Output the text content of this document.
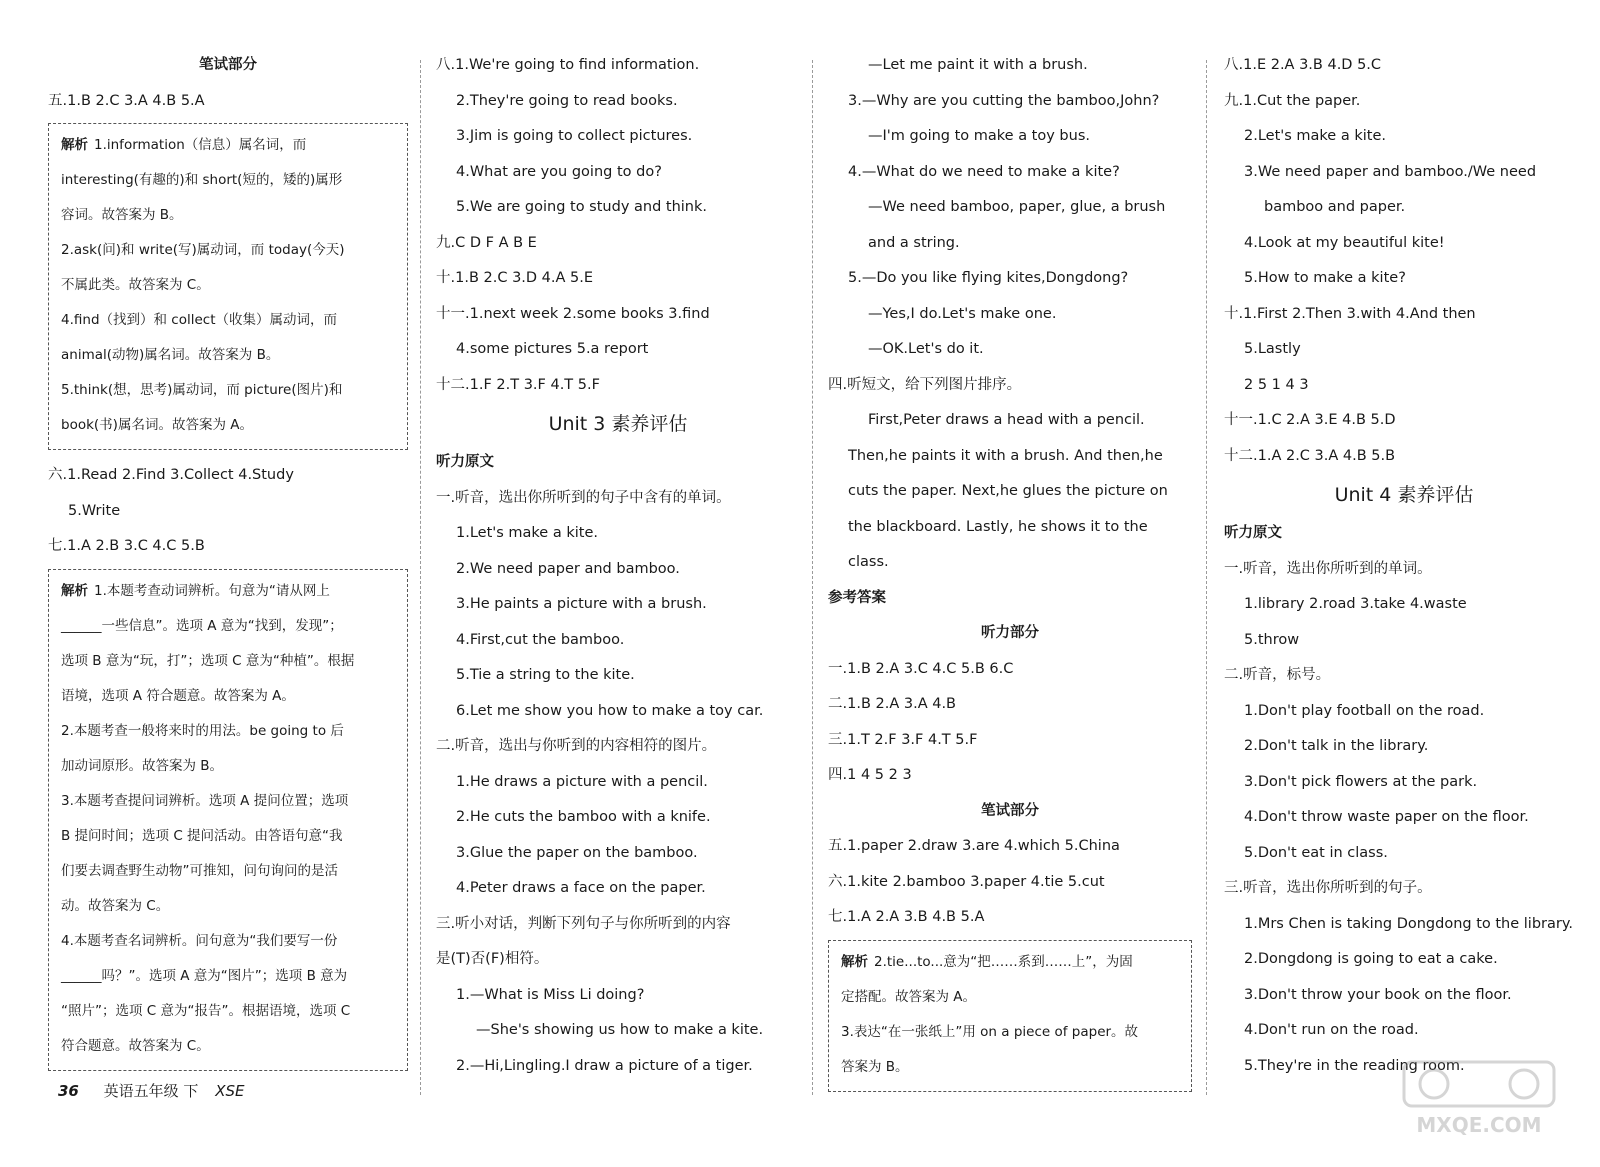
笔试部分
五.1.B 2.C 3.A 4.B 5.A
解析 1.information（信息）属名词，而
interesting(有趣的)和 short(短的，矮的)属形
容词。故答案为 B。
2.ask(问)和 write(写)属动词，而 today(今天)
不属此类。故答案为 C。
4.find（找到）和 collect（收集）属动词，而
animal(动物)属名词。故答案为 B。
5.think(想，思考)属动词，而 picture(图片)和
book(书)属名词。故答案为 A。
六.1.Read 2.Find 3.Collect 4.Study
5.Write
七.1.A 2.B 3.C 4.C 5.B
解析 1.本题考查动词辨析。句意为“请从网上
______一些信息”。选项 A 意为“找到，发现”；
选项 B 意为“玩，打”；选项 C 意为“种植”。根据
语境，选项 A 符合题意。故答案为 A。
2.本题考查一般将来时的用法。be going to 后
加动词原形。故答案为 B。
3.本题考查提问词辨析。选项 A 提问位置；选项
B 提问时间；选项 C 提问活动。由答语句意“我
们要去调查野生动物”可推知，问句询问的是活
动。故答案为 C。
4.本题考查名词辨析。问句意为“我们要写一份
______吗？”。选项 A 意为“图片”；选项 B 意为
“照片”；选项 C 意为“报告”。根据语境，选项 C
符合题意。故答案为 C。
八.1.We're going to find information.
2.They're going to read books.
3.Jim is going to collect pictures.
4.What are you going to do?
5.We are going to study and think.
九.C D F A B E
十.1.B 2.C 3.D 4.A 5.E
十一.1.next week 2.some books 3.find
4.some pictures 5.a report
十二.1.F 2.T 3.F 4.T 5.F
Unit 3 素养评估
听力原文
一.听音，选出你所听到的句子中含有的单词。
1.Let's make a kite.
2.We need paper and bamboo.
3.He paints a picture with a brush.
4.First,cut the bamboo.
5.Tie a string to the kite.
6.Let me show you how to make a toy car.
二.听音，选出与你听到的内容相符的图片。
1.He draws a picture with a pencil.
2.He cuts the bamboo with a knife.
3.Glue the paper on the bamboo.
4.Peter draws a face on the paper.
三.听小对话，判断下列句子与你所听到的内容
是(T)否(F)相符。
1.—What is Miss Li doing?
—She's showing us how to make a kite.
2.—Hi,Lingling.I draw a picture of a tiger.
—Let me paint it with a brush.
3.—Why are you cutting the bamboo,John?
—I'm going to make a toy bus.
4.—What do we need to make a kite?
—We need bamboo, paper, glue, a brush
and a string.
5.—Do you like flying kites,Dongdong?
—Yes,I do.Let's make one.
—OK.Let's do it.
四.听短文，给下列图片排序。
First,Peter draws a head with a pencil.
Then,he paints it with a brush. And then,he
cuts the paper. Next,he glues the picture on
the blackboard. Lastly, he shows it to the
class.
参考答案
听力部分
一.1.B 2.A 3.C 4.C 5.B 6.C
二.1.B 2.A 3.A 4.B
三.1.T 2.F 3.F 4.T 5.F
四.1 4 5 2 3
笔试部分
五.1.paper 2.draw 3.are 4.which 5.China
六.1.kite 2.bamboo 3.paper 4.tie 5.cut
七.1.A 2.A 3.B 4.B 5.A
解析 2.tie...to...意为“把……系到……上”，为固
定搭配。故答案为 A。
3.表达“在一张纸上”用 on a piece of paper。故
答案为 B。
八.1.E 2.A 3.B 4.D 5.C
九.1.Cut the paper.
2.Let's make a kite.
3.We need paper and bamboo./We need
bamboo and paper.
4.Look at my beautiful kite!
5.How to make a kite?
十.1.First 2.Then 3.with 4.And then
5.Lastly
2 5 1 4 3
十一.1.C 2.A 3.E 4.B 5.D
十二.1.A 2.C 3.A 4.B 5.B
Unit 4 素养评估
听力原文
一.听音，选出你所听到的单词。
1.library 2.road 3.take 4.waste
5.throw
二.听音，标号。
1.Don't play football on the road.
2.Don't talk in the library.
3.Don't pick flowers at the park.
4.Don't throw waste paper on the floor.
5.Don't eat in class.
三.听音，选出你所听到的句子。
1.Mrs Chen is taking Dongdong to the library.
2.Dongdong is going to eat a cake.
3.Don't throw your book on the floor.
4.Don't run on the road.
5.They're in the reading room.
36 英语五年级 下 XSE
MXQE.COM
